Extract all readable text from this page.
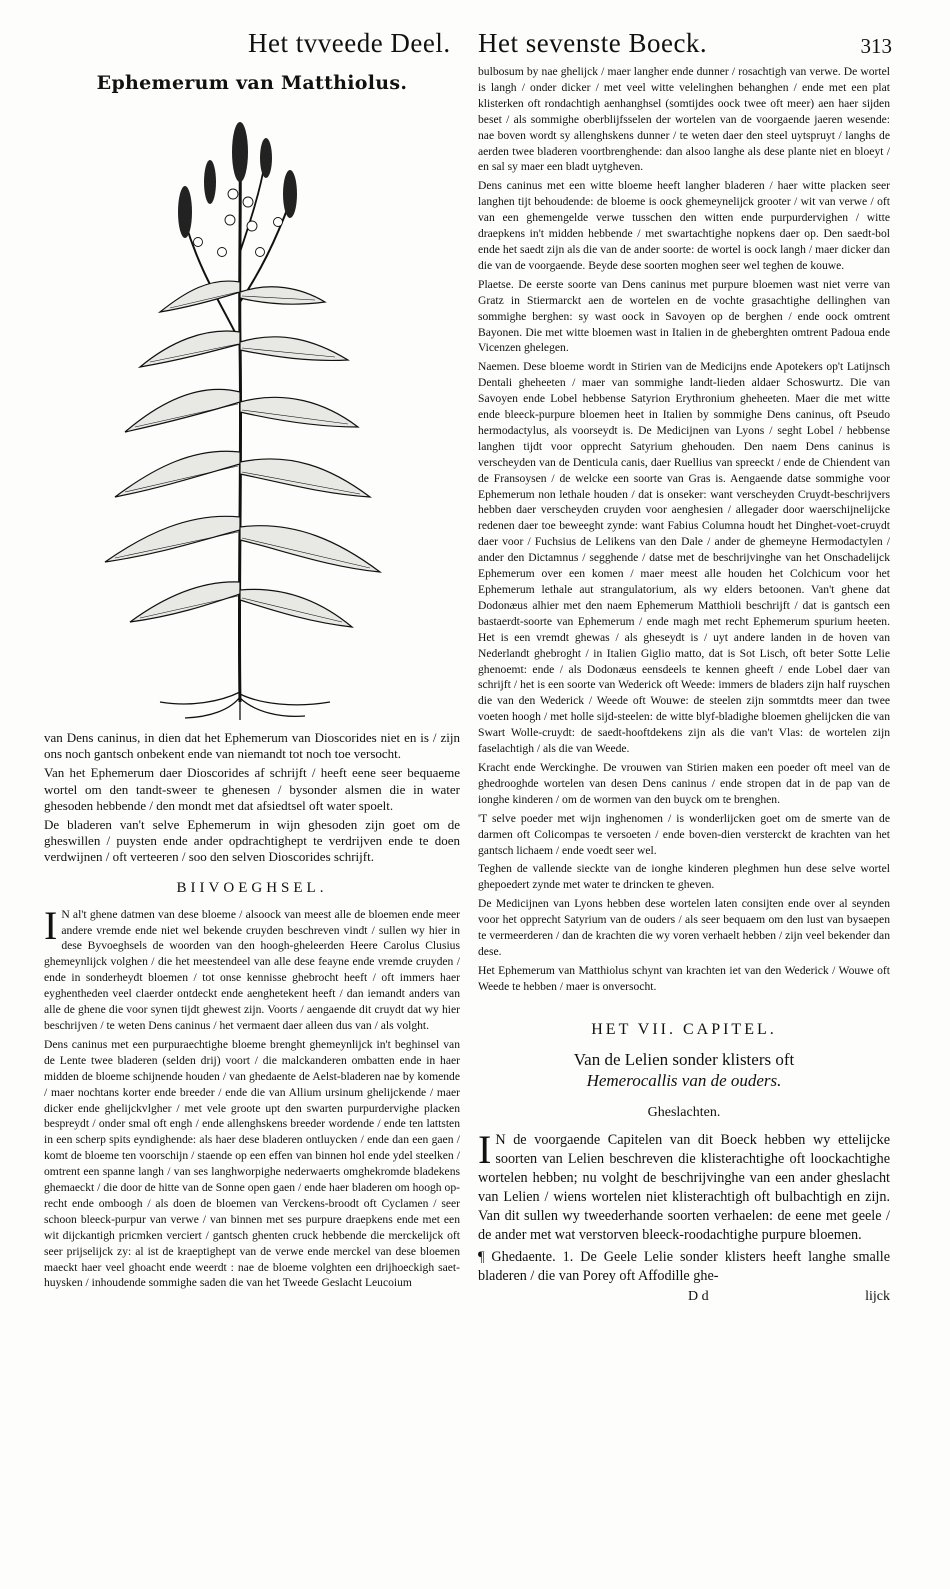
Het tvveede Deel. Het sevenste Boeck.	313
Ephemerum van Matthiolus.

van Dens caninus, in dien dat het Ephemerum van Dioscorides niet en is / zijn ons noch gantsch onbekent ende van niemandt tot noch toe versocht.

Van het Ephemerum daer Dioscorides af schrijft / heeft eene seer bequaeme wortel om den tandt-sweer te ghenesen / bysonder alsmen die in water ghesoden hebbende / den mondt met dat afsiedtsel oft water spoelt.

De bladeren van't selve Ephemerum in wijn ghesoden zijn goet om de gheswillen / puysten ende ander opdrachtighept te verdrijven ende te doen verdwijnen / oft verteeren / soo den selven Dioscorides schrijft.

BIIVOEGHSEL.

I N al't ghene datmen van dese bloeme / alsoock van meest alle de bloemen ende meer andere vremde ende niet wel bekende cruyden beschreven vindt / sullen wy hier in dese Byvoeghsels de woorden van den hoogh-gheleerden Heere Carolus Clusius ghemeynlijck volghen / die het meestendeel van alle dese feayne ende vremde cruyden / ende in sonderheydt bloemen / tot onse kennisse ghebrocht heeft / oft immers haer eyghentheden veel claerder ontdeckt ende aenghetekent heeft / dan iemandt anders van alle de ghene die voor synen tijdt ghewest zijn. Voorts / aengaende dit cruydt dat wy hier beschrijven / te weten Dens caninus / het vermaent daer alleen dus van / als volght.

Dens caninus met een purpuraechtighe bloeme brenght ghemeynlijck in't beghinsel van de Lente twee bladeren (selden drij) voort / die malckanderen ombatten ende in haer midden de bloeme schijnende houden / van ghedaente de Aelst-bladeren nae by komende / maer nochtans korter ende breeder / ende die van Allium ursinum ghelijckende / maer dicker ende ghelijckvlgher / met vele groote upt den swarten purpurdervighe placken bespreydt / onder smal oft engh / ende allenghskens breeder wordende / ende ten lattsten in een scherp spits eyndighende: als haer dese bladeren ontluycken / ende dan een gaen / komt de bloeme ten voorschijn / staende op een effen van binnen hol ende ydel steelken / omtrent een spanne langh / van ses langhworpighe nederwaerts omghekromde bladekens ghemaeckt / die door de hitte van de Sonne open gaen / ende haer bladeren om hoogh op-recht ende omboogh / als doen de bloemen van Verckens-broodt oft Cyclamen / seer schoon bleeck-purpur van verwe / van binnen met ses purpure draepkens ende met een wit dijckantigh pricmken verciert / gantsch ghenten cruck hebbende die merckelijck oft seer prijselijck zy: al ist de kraeptighept van de verwe ende merckel van dese bloemen maeckt haer veel ghoacht ende weerdt : nae de bloeme volghten een drijhoeckigh saet-huysken / inhoudende sommighe saden die van het Tweede Geslacht Leucoium

bulbosum by nae ghelijck / maer langher ende dunner / rosachtigh van verwe. De wortel is langh / onder dicker / met veel witte velelinghen behanghen / ende met een plat klisterken oft rondachtigh aenhanghsel (somtijdes oock twee oft meer) aen haer sijden beset / als sommighe oberblijfsselen der wortelen van de voorgaende jaeren wesende: nae boven wordt sy allenghskens dunner / te weten daer den steel uytspruyt / langhs de aerden twee bladeren voortbrenghende: dan alsoo langhe als dese plante niet en bloeyt / en sal sy maer een bladt uytgheven.

Dens caninus met een witte bloeme heeft langher bladeren / haer witte placken seer langhen tijt behoudende: de bloeme is oock ghemeynelijck grooter / wit van verwe / oft van een ghemengelde verwe tusschen den witten ende purpurdervighen / witte draepkens in't midden hebbende / met swartachtighe nopkens daer op. Den saedt-bol ende het saedt zijn als die van de ander soorte: de wortel is oock langh / maer dicker dan die van de voorgaende. Beyde dese soorten moghen seer wel teghen de kouwe.

Plaetse. De eerste soorte van Dens caninus met purpure bloemen wast niet verre van Gratz in Stiermarckt aen de wortelen en de vochte grasachtighe dellinghen van sommighe berghen: sy wast oock in Savoyen op de berghen / ende oock omtrent Bayonen. Die met witte bloemen wast in Italien in de gheberghten omtrent Padoua ende Vicenzen ghelegen.

Naemen. Dese bloeme wordt in Stirien van de Medicijns ende Apotekers op't Latijnsch Dentali gheheeten / maer van sommighe landt-lieden aldaer Schoswurtz. Die van Savoyen ende Lobel hebbense Satyrion Erythronium gheheeten. Maer die met witte ende bleeck-purpure bloemen heet in Italien by sommighe Dens caninus, oft Pseudo hermodactylus, als voorseydt is. De Medicijnen van Lyons / seght Lobel / hebbense langhen tijdt voor opprecht Satyrium ghehouden. Den naem Dens caninus is verscheyden van de Denticula canis, daer Ruellius van spreeckt / ende de Chiendent van de Fransoysen / de welcke een soorte van Gras is. Aengaende datse sommighe voor Ephemerum non lethale houden / dat is onseker: want verscheyden Cruydt-beschrijvers hebben daer verscheyden cruyden voor aenghesien / allegader door waerschijnelijcke redenen daer toe beweeght zynde: want Fabius Columna houdt het Dinghet-voet-cruydt daer voor / Fuchsius de Lelikens van den Dale / ander de ghemeyne Hermodactylen / ander den Dictamnus / segghende / datse met de beschrijvinghe van het Onschadelijck Ephemerum over een komen / maer meest alle houden het Colchicum voor het Ephemerum lethale aut strangulatorium, als wy elders betoonen. Van't ghene dat Dodonæus alhier met den naem Ephemerum Matthioli beschrijft / dat is gantsch een bastaerdt-soorte van Ephemerum / ende magh met recht Ephemerum spurium heeten. Het is een vremdt ghewas / als gheseydt is / uyt andere landen in de hoven van Nederlandt ghebroght / in Italien Giglio matto, dat is Sot Lisch, oft beter Sotte Lelie ghenoemt: ende / als Dodonæus eensdeels te kennen gheeft / ende Lobel daer van schrijft / het is een soorte van Wederick oft Weede: immers de bladers zijn half ruyschen die van den Wederick / Weede oft Wouwe: de steelen zijn sommtdts meer dan twee voeten hoogh / met holle sijd-steelen: de witte blyf-bladighe bloemen ghelijcken die van Swart Wolle-cruydt: de saedt-hooftdekens zijn als die van't Vlas: de wortelen zijn faselachtigh / als die van Weede.

Kracht ende Werckinghe. De vrouwen van Stirien maken een poeder oft meel van de ghedrooghde wortelen van desen Dens caninus / ende stropen dat in de pap van de ionghe kinderen / om de wormen van den buyck om te brenghen.

'T selve poeder met wijn inghenomen / is wonderlijcken goet om de smerte van de darmen oft Colicompas te versoeten / ende boven-dien versterckt de krachten van het gantsch lichaem / ende voedt seer wel.

Teghen de vallende sieckte van de ionghe kinderen pleghmen hun dese selve wortel ghepoedert zynde met water te drincken te gheven.

De Medicijnen van Lyons hebben dese wortelen laten consijten ende over al seynden voor het opprecht Satyrium van de ouders / als seer bequaem om den lust van bysaepen te vermeerderen / dan de krachten die wy voren verhaelt hebben / zijn veel bekender dan dese.

Het Ephemerum van Matthiolus schynt van krachten iet van den Wederick / Wouwe oft Weede te hebben / maer is onversocht.

HET VII. CAPITEL.
Van de Lelien sonder klisters oft
Hemerocallis van de ouders.
Gheslachten.

I N de voorgaende Capitelen van dit Boeck hebben wy ettelijcke soorten van Lelien beschreven die klisterachtighe oft loockachtighe wortelen hebben; nu volght de beschrijvinghe van een ander gheslacht van Lelien / wiens wortelen niet klisterachtigh oft bulbachtigh en zijn. Van dit sullen wy tweederhande soorten verhaelen: de eene met geele / de ander met wat verstorven bleeck-roodachtighe purpure bloemen.

¶ Ghedaente. 1. De Geele Lelie sonder klisters heeft langhe smalle bladeren / die van Porey oft Affodille ghe-

D d	lijck
